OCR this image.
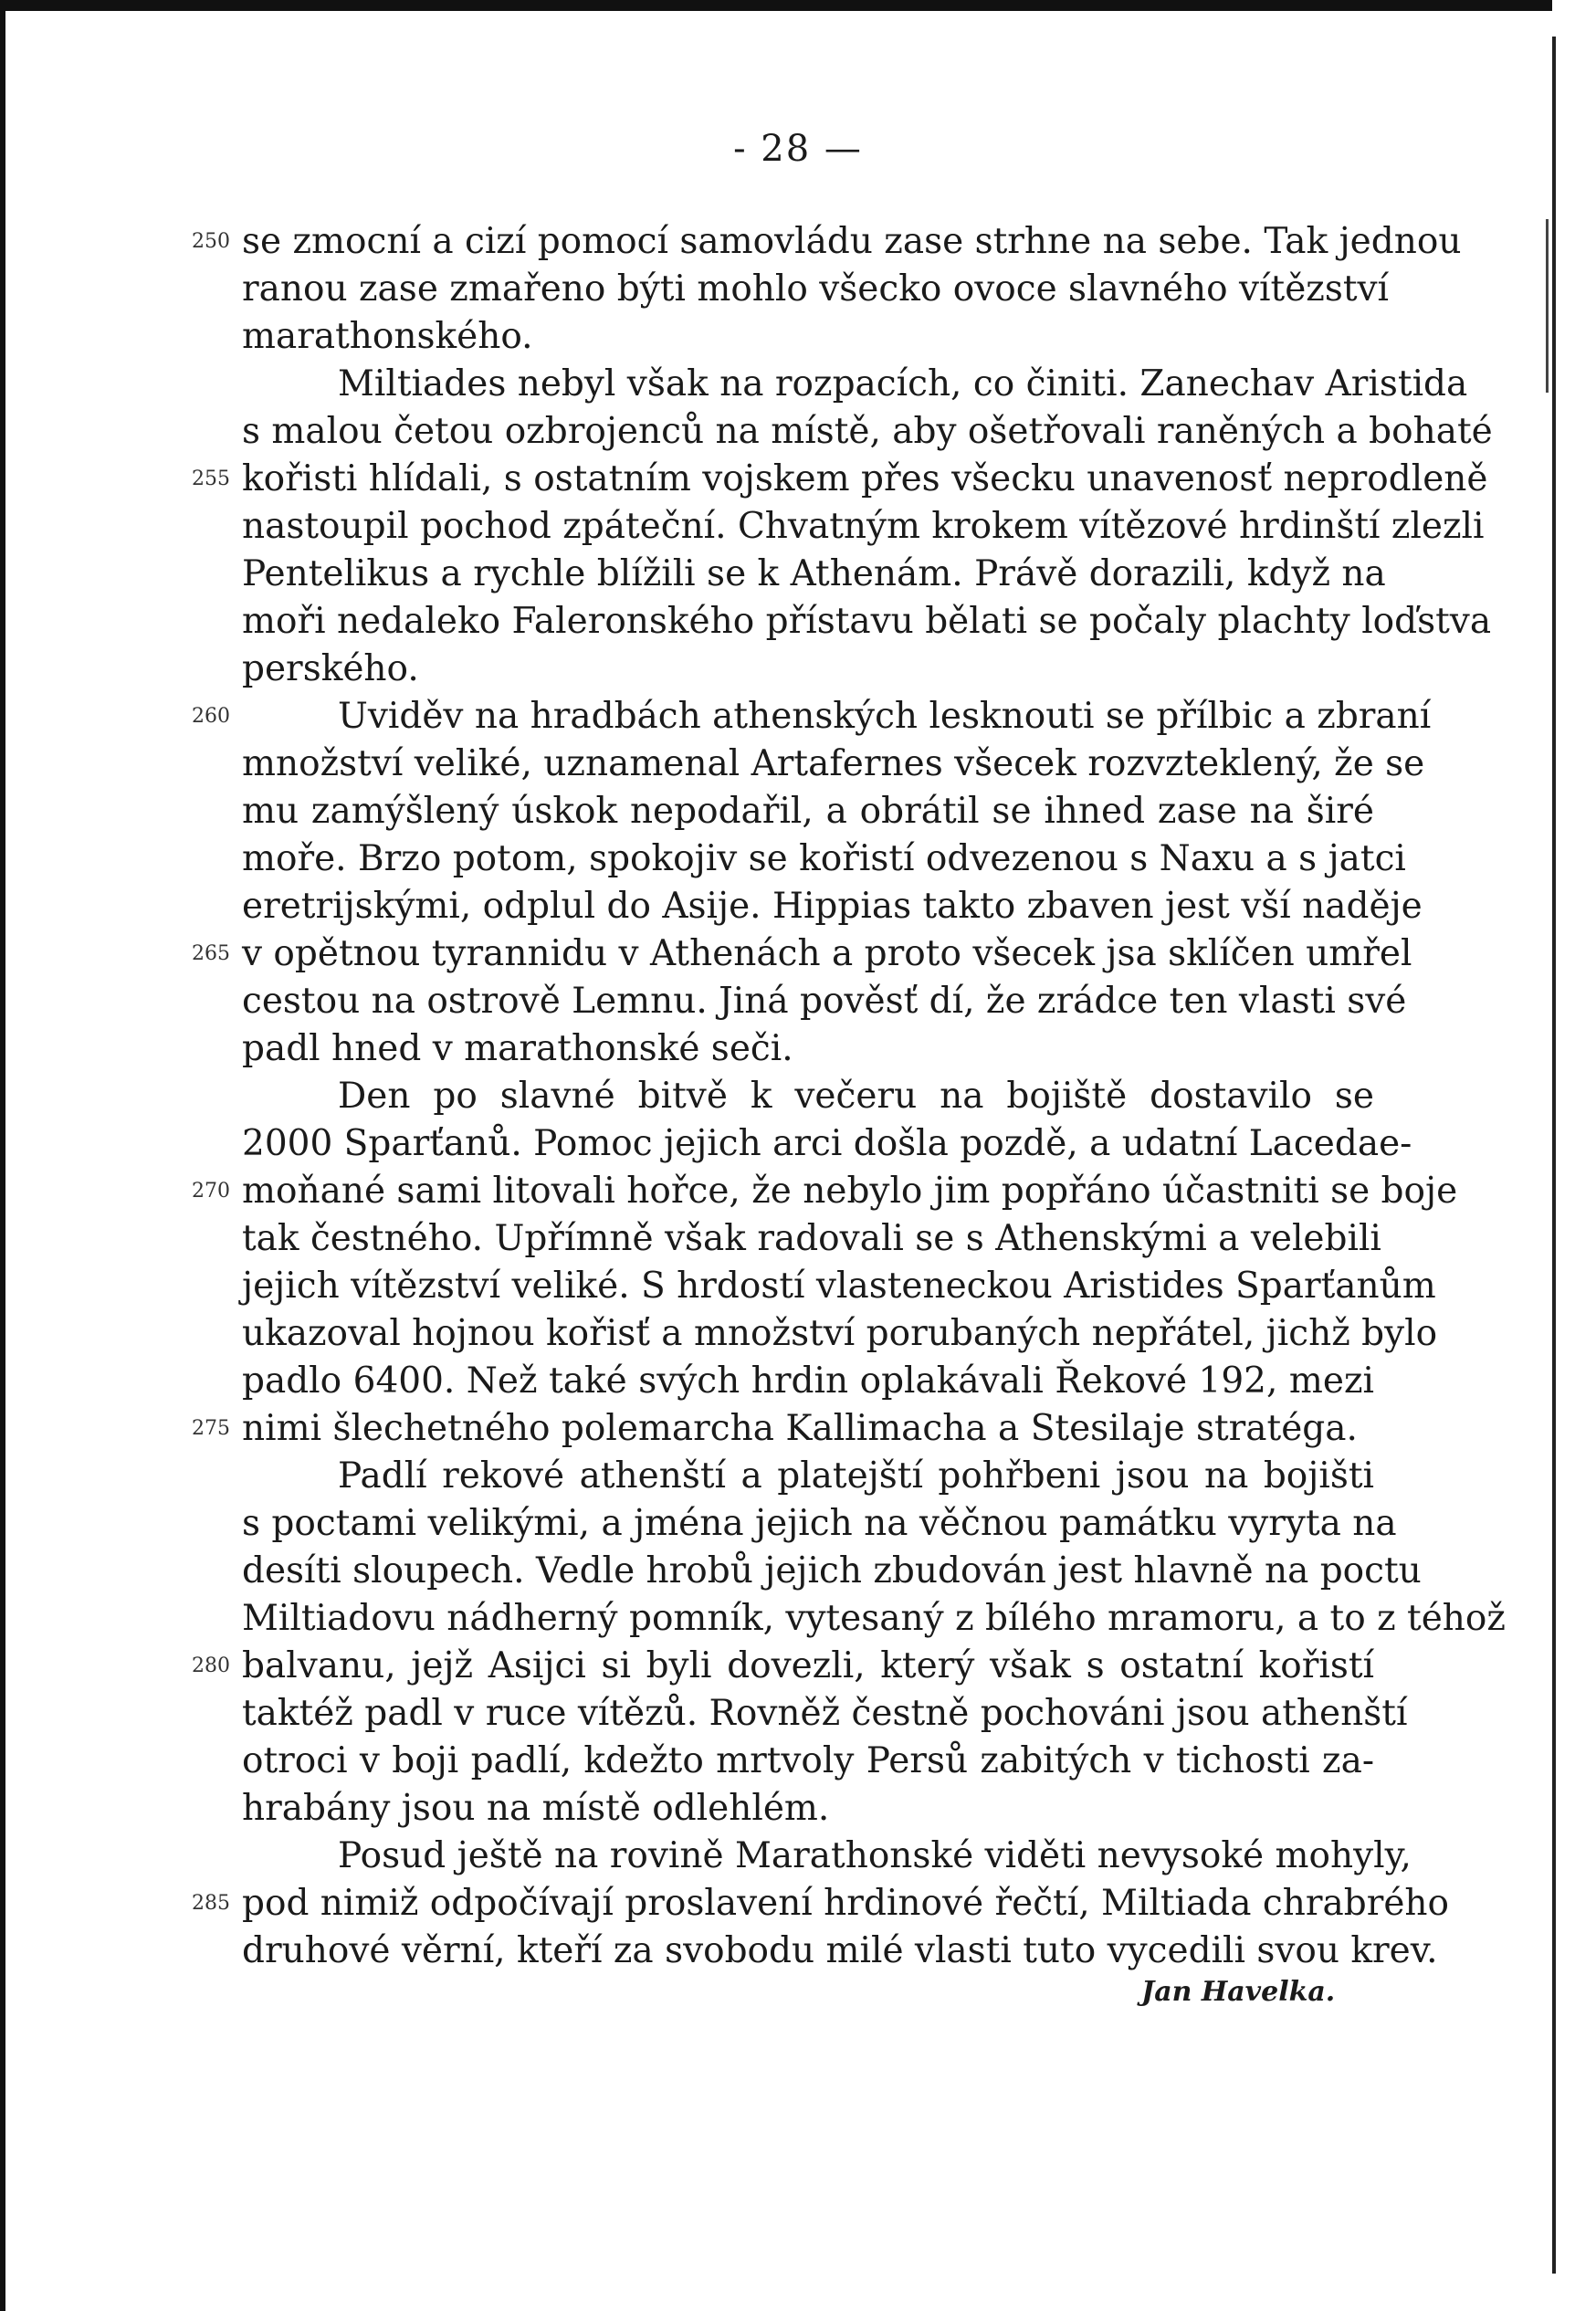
- 28 —
250
255
260
265
270
275
280
285
se zmocní a cizí pomocí samovládu zase strhne na sebe. Tak jednou
ranou zase zmařeno býti mohlo všecko ovoce slavného vítězství
marathonského.
Miltiades nebyl však na rozpacích, co činiti. Zanechav Aristida
s malou četou ozbrojenců na místě, aby ošetřovali raněných a bohaté
kořisti hlídali, s ostatním vojskem přes všecku unavenosť neprodleně
nastoupil pochod zpáteční. Chvatným krokem vítězové hrdinští zlezli
Pentelikus a rychle blížili se k Athenám. Právě dorazili, když na
moři nedaleko Faleronského přístavu bělati se počaly plachty loďstva
perského.
Uviděv na hradbách athenských lesknouti se přílbic a zbraní
množství veliké, uznamenal Artafernes všecek rozvzteklený, že se
mu zamýšlený úskok nepodařil, a obrátil se ihned zase na širé
moře. Brzo potom, spokojiv se kořistí odvezenou s Naxu a s jatci
eretrijskými, odplul do Asije. Hippias takto zbaven jest vší naděje
v opětnou tyrannidu v Athenách a proto všecek jsa sklíčen umřel
cestou na ostrově Lemnu. Jiná pověsť dí, že zrádce ten vlasti své
padl hned v marathonské seči.
Den po slavné bitvě k večeru na bojiště dostavilo se
2000 Sparťanů. Pomoc jejich arci došla pozdě, a udatní Lacedae-
moňané sami litovali hořce, že nebylo jim popřáno účastniti se boje
tak čestného. Upřímně však radovali se s Athenskými a velebili
jejich vítězství veliké. S hrdostí vlasteneckou Aristides Sparťanům
ukazoval hojnou kořisť a množství porubaných nepřátel, jichž bylo
padlo 6400. Než také svých hrdin oplakávali Řekové 192, mezi
nimi šlechetného polemarcha Kallimacha a Stesilaje stratéga.
Padlí rekové athenští a platejští pohřbeni jsou na bojišti
s poctami velikými, a jména jejich na věčnou památku vyryta na
desíti sloupech. Vedle hrobů jejich zbudován jest hlavně na poctu
Miltiadovu nádherný pomník, vytesaný z bílého mramoru, a to z téhož
balvanu, jejž Asijci si byli dovezli, který však s ostatní kořistí
taktéž padl v ruce vítězů. Rovněž čestně pochováni jsou athenští
otroci v boji padlí, kdežto mrtvoly Persů zabitých v tichosti za-
hrabány jsou na místě odlehlém.
Posud ještě na rovině Marathonské viděti nevysoké mohyly,
pod nimiž odpočívají proslavení hrdinové řečtí, Miltiada chrabrého
druhové věrní, kteří za svobodu milé vlasti tuto vycedili svou krev.
Jan Havelka.
